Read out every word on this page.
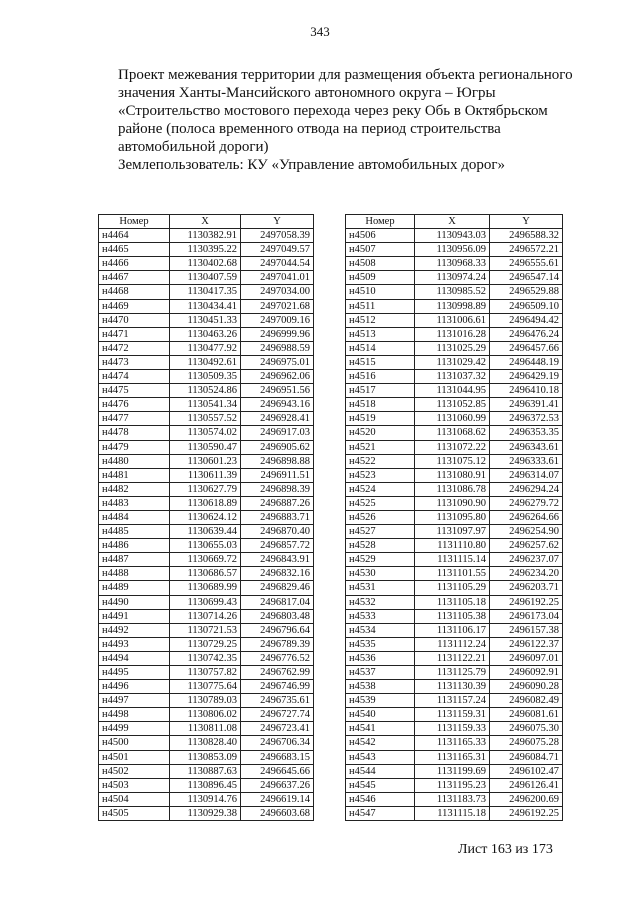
343
Проект межевания территории для размещения объекта регионального
значения Ханты-Мансийского автономного округа – Югры
«Строительство мостового перехода через реку Обь в Октябрьском
районе (полоса временного отвода на период строительства
автомобильной дороги)
Землепользователь: КУ «Управление автомобильных дорог»
Номер	X	Y
н4464	1130382.91	2497058.39
н4465	1130395.22	2497049.57
н4466	1130402.68	2497044.54
н4467	1130407.59	2497041.01
н4468	1130417.35	2497034.00
н4469	1130434.41	2497021.68
н4470	1130451.33	2497009.16
н4471	1130463.26	2496999.96
н4472	1130477.92	2496988.59
н4473	1130492.61	2496975.01
н4474	1130509.35	2496962.06
н4475	1130524.86	2496951.56
н4476	1130541.34	2496943.16
н4477	1130557.52	2496928.41
н4478	1130574.02	2496917.03
н4479	1130590.47	2496905.62
н4480	1130601.23	2496898.88
н4481	1130611.39	2496911.51
н4482	1130627.79	2496898.39
н4483	1130618.89	2496887.26
н4484	1130624.12	2496883.71
н4485	1130639.44	2496870.40
н4486	1130655.03	2496857.72
н4487	1130669.72	2496843.91
н4488	1130686.57	2496832.16
н4489	1130689.99	2496829.46
н4490	1130699.43	2496817.04
н4491	1130714.26	2496803.48
н4492	1130721.53	2496796.64
н4493	1130729.25	2496789.39
н4494	1130742.35	2496776.52
н4495	1130757.82	2496762.99
н4496	1130775.64	2496746.99
н4497	1130789.03	2496735.61
н4498	1130806.02	2496727.74
н4499	1130811.08	2496723.41
н4500	1130828.40	2496706.34
н4501	1130853.09	2496683.15
н4502	1130887.63	2496645.66
н4503	1130896.45	2496637.26
н4504	1130914.76	2496619.14
н4505	1130929.38	2496603.68
Номер	X	Y
н4506	1130943.03	2496588.32
н4507	1130956.09	2496572.21
н4508	1130968.33	2496555.61
н4509	1130974.24	2496547.14
н4510	1130985.52	2496529.88
н4511	1130998.89	2496509.10
н4512	1131006.61	2496494.42
н4513	1131016.28	2496476.24
н4514	1131025.29	2496457.66
н4515	1131029.42	2496448.19
н4516	1131037.32	2496429.19
н4517	1131044.95	2496410.18
н4518	1131052.85	2496391.41
н4519	1131060.99	2496372.53
н4520	1131068.62	2496353.35
н4521	1131072.22	2496343.61
н4522	1131075.12	2496333.61
н4523	1131080.91	2496314.07
н4524	1131086.78	2496294.24
н4525	1131090.90	2496279.72
н4526	1131095.80	2496264.66
н4527	1131097.97	2496254.90
н4528	1131110.80	2496257.62
н4529	1131115.14	2496237.07
н4530	1131101.55	2496234.20
н4531	1131105.29	2496203.71
н4532	1131105.18	2496192.25
н4533	1131105.38	2496173.04
н4534	1131106.17	2496157.38
н4535	1131112.24	2496122.37
н4536	1131122.21	2496097.01
н4537	1131125.79	2496092.91
н4538	1131130.39	2496090.28
н4539	1131157.24	2496082.49
н4540	1131159.31	2496081.61
н4541	1131159.33	2496075.30
н4542	1131165.33	2496075.28
н4543	1131165.31	2496084.71
н4544	1131199.69	2496102.47
н4545	1131195.23	2496126.41
н4546	1131183.73	2496200.69
н4547	1131115.18	2496192.25
Лист 163 из 173
